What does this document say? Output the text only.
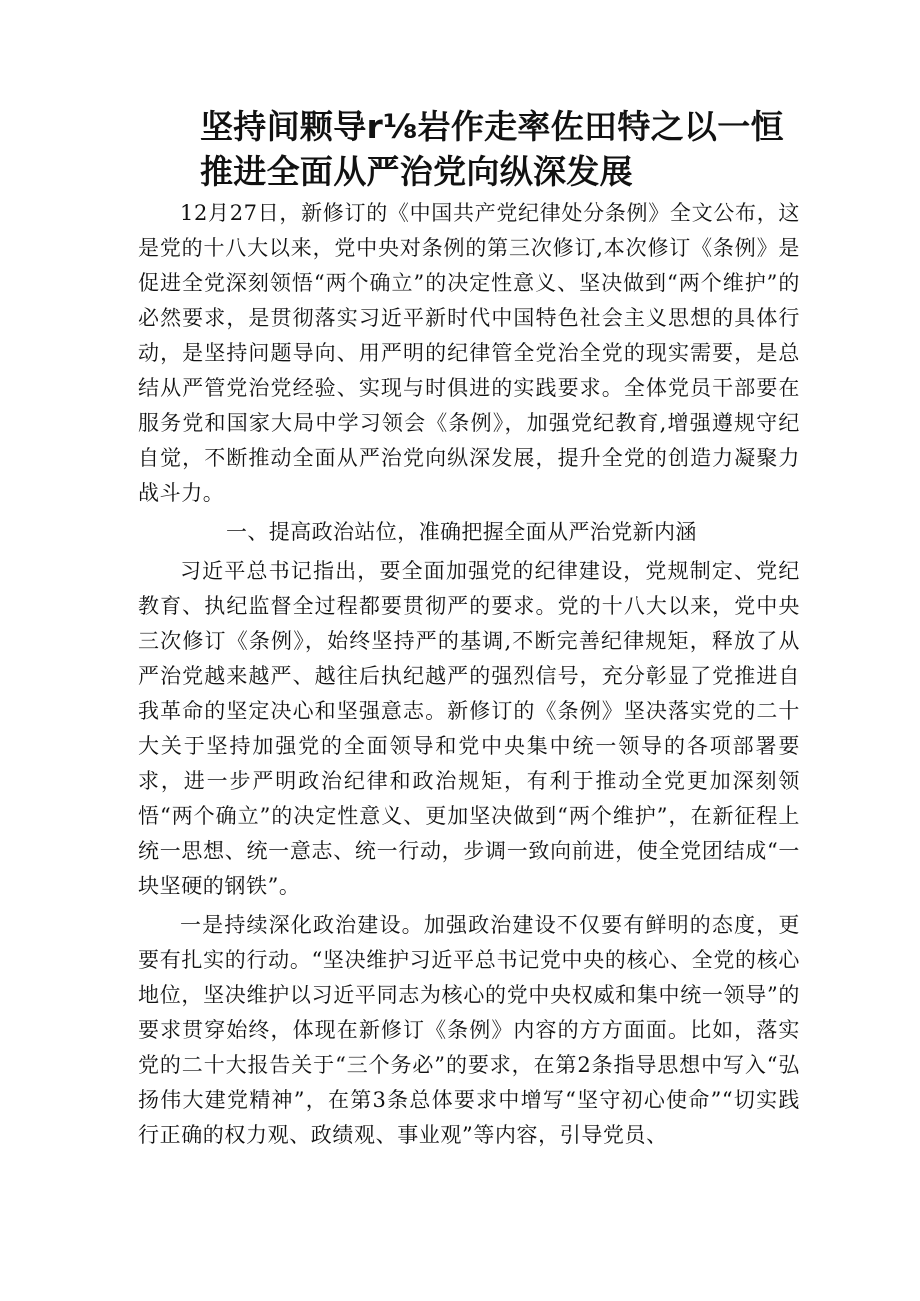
坚持间颗导r⅛岩作走率佐田特之以一恒推进全面从严治党向纵深发展

12月27日，新修订的《中国共产党纪律处分条例》全文公布，这是党的十八大以来，党中央对条例的第三次修订,本次修订《条例》是促进全党深刻领悟“两个确立”的决定性意义、坚决做到“两个维护”的必然要求，是贯彻落实习近平新时代中国特色社会主义思想的具体行动，是坚持问题导向、用严明的纪律管全党治全党的现实需要，是总结从严管党治党经验、实现与时俱进的实践要求。全体党员干部要在服务党和国家大局中学习领会《条例》，加强党纪教育,增强遵规守纪自觉，不断推动全面从严治党向纵深发展，提升全党的创造力凝聚力战斗力。

一、提高政治站位，准确把握全面从严治党新内涵

习近平总书记指出，要全面加强党的纪律建设，党规制定、党纪教育、执纪监督全过程都要贯彻严的要求。党的十八大以来，党中央三次修订《条例》，始终坚持严的基调,不断完善纪律规矩，释放了从严治党越来越严、越往后执纪越严的强烈信号，充分彰显了党推进自我革命的坚定决心和坚强意志。新修订的《条例》坚决落实党的二十大关于坚持加强党的全面领导和党中央集中统一领导的各项部署要求，进一步严明政治纪律和政治规矩，有利于推动全党更加深刻领悟“两个确立”的决定性意义、更加坚决做到“两个维护”，在新征程上统一思想、统一意志、统一行动，步调一致向前进，使全党团结成“一块坚硬的钢铁”。

一是持续深化政治建设。加强政治建设不仅要有鲜明的态度，更要有扎实的行动。“坚决维护习近平总书记党中央的核心、全党的核心地位，坚决维护以习近平同志为核心的党中央权威和集中统一领导”的要求贯穿始终，体现在新修订《条例》内容的方方面面。比如，落实党的二十大报告关于“三个务必”的要求，在第2条指导思想中写入“弘扬伟大建党精神”，在第3条总体要求中增写“坚守初心使命”“切实践行正确的权力观、政绩观、事业观”等内容，引导党员、
